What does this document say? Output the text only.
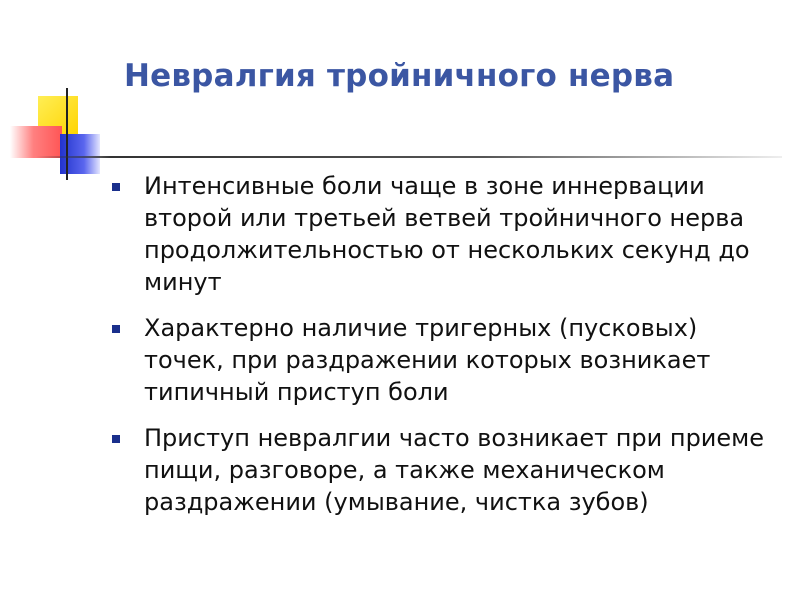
Невралгия тройничного нерва
Интенсивные боли чаще в зоне иннервации второй или третьей ветвей тройничного нерва продолжительностью от нескольких секунд до минут
Характерно наличие тригерных (пусковых) точек, при раздражении которых возникает типичный приступ боли
Приступ невралгии часто возникает при приеме пищи, разговоре, а также механическом раздражении (умывание, чистка зубов)
